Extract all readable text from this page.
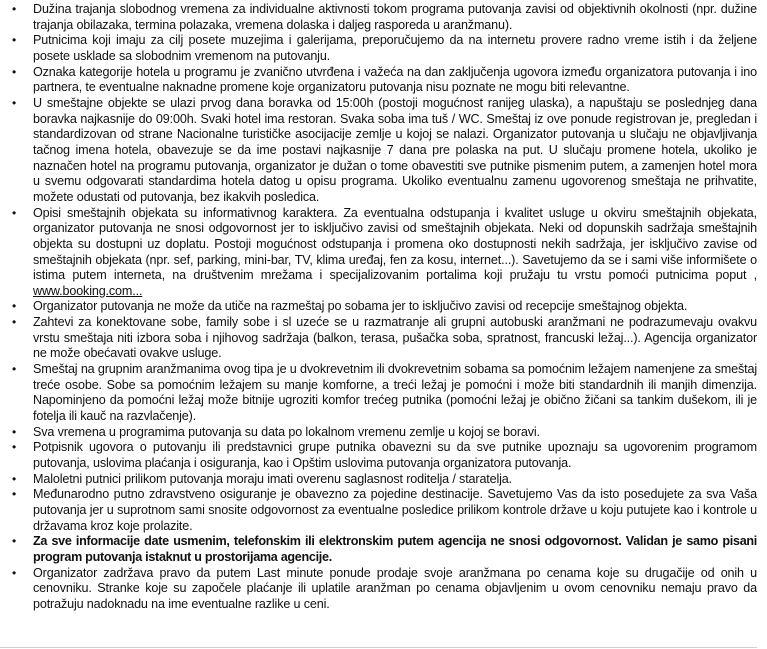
• Dužina trajanja slobodnog vremena za individualne aktivnosti tokom programa putovanja zavisi od objektivnih okolnosti (npr. dužine trajanja obilazaka, termina polazaka, vremena dolaska i daljeg rasporeda u aranžmanu).
• Putnicima koji imaju za cilj posete muzejima i galerijama, preporučujemo da na internetu provere radno vreme istih i da željene posete usklade sa slobodnim vremenom na putovanju.
• Oznaka kategorije hotela u programu je zvanično utvrđena i važeća na dan zaključenja ugovora između organizatora putovanja i ino partnera, te eventualne naknadne promene koje organizatoru putovanja nisu poznate ne mogu biti relevantne.
• U smeštajne objekte se ulazi prvog dana boravka od 15:00h (postoji mogućnost ranijeg ulaska), a napuštaju se poslednjeg dana boravka najkasnije do 09:00h. Svaki hotel ima restoran. Svaka soba ima tuš / WC. Smeštaj iz ove ponude registrovan je, pregledan i standardizovan od strane Nacionalne turističke asocijacije zemlje u kojoj se nalazi. Organizator putovanja u slučaju ne objavljivanja tačnog imena hotela, obavezuje se da ime postavi najkasnije 7 dana pre polaska na put. U slučaju promene hotela, ukoliko je naznačen hotel na programu putovanja, organizator je dužan o tome obavestiti sve putnike pismenim putem, a zamenjen hotel mora u svemu odgovarati standardima hotela datog u opisu programa. Ukoliko eventualnu zamenu ugovorenog smeštaja ne prihvatite, možete odustati od putovanja, bez ikakvih posledica.
• Opisi smeštajnih objekata su informativnog karaktera. Za eventualna odstupanja i kvalitet usluge u okviru smeštajnih objekata, organizator putovanja ne snosi odgovornost jer to isključivo zavisi od smeštajnih objekata. Neki od dopunskih sadržaja smeštajnih objekta su dostupni uz doplatu. Postoji mogućnost odstupanja i promena oko dostupnosti nekih sadržaja, jer isključivo zavise od smeštajnih objekata (npr. sef, parking, mini-bar, TV, klima uređaj, fen za kosu, internet...). Savetujemo da se i sami više informišete o istima putem interneta, na društvenim mrežama i specijalizovanim portalima koji pružaju tu vrstu pomoći putnicima poput , www.booking.com...
• Organizator putovanja ne može da utiče na razmeštaj po sobama jer to isključivo zavisi od recepcije smeštajnog objekta.
• Zahtevi za konektovane sobe, family sobe i sl uzeće se u razmatranje ali grupni autobuski aranžmani ne podrazumevaju ovakvu vrstu smeštaja niti izbora soba i njihovog sadržaja (balkon, terasa, pušačka soba, spratnost, francuski ležaj...). Agencija organizator ne može obećavati ovakve usluge.
• Smeštaj na grupnim aranžmanima ovog tipa je u dvokrevetnim ili dvokrevetnim sobama sa pomoćnim ležajem namenjene za smeštaj treće osobe. Sobe sa pomoćnim ležajem su manje komforne, a treći ležaj je pomoćni i može biti standardnih ili manjih dimenzija. Napominjeno da pomoćni ležaj može bitnije ugroziti komfor trećeg putnika (pomoćni ležaj je obično žičani sa tankim dušekom, ili je fotelja ili kauč na razvlačenje).
• Sva vremena u programima putovanja su data po lokalnom vremenu zemlje u kojoj se boravi.
• Potpisnik ugovora o putovanju ili predstavnici grupe putnika obavezni su da sve putnike upoznaju sa ugovorenim programom putovanja, uslovima plaćanja i osiguranja, kao i Opštim uslovima putovanja organizatora putovanja.
• Maloletni putnici prilikom putovanja moraju imati overenu saglasnost roditelja / staratelja.
• Međunarodno putno zdravstveno osiguranje je obavezno za pojedine destinacije. Savetujemo Vas da isto posedujete za sva Vaša putovanja jer u suprotnom sami snosite odgovornost za eventualne posledice prilikom kontrole države u koju putujete kao i kontrole u državama kroz koje prolazite.
• Za sve informacije date usmenim, telefonskim ili elektronskim putem agencija ne snosi odgovornost. Validan je samo pisani program putovanja istaknut u prostorijama agencije.
• Organizator zadržava pravo da putem Last minute ponude prodaje svoje aranžmana po cenama koje su drugačije od onih u cenovniku. Stranke koje su započele plaćanje ili uplatile aranžman po cenama objavljenim u ovom cenovniku nemaju pravo da potražuju nadoknadu na ime eventualne razlike u ceni.
